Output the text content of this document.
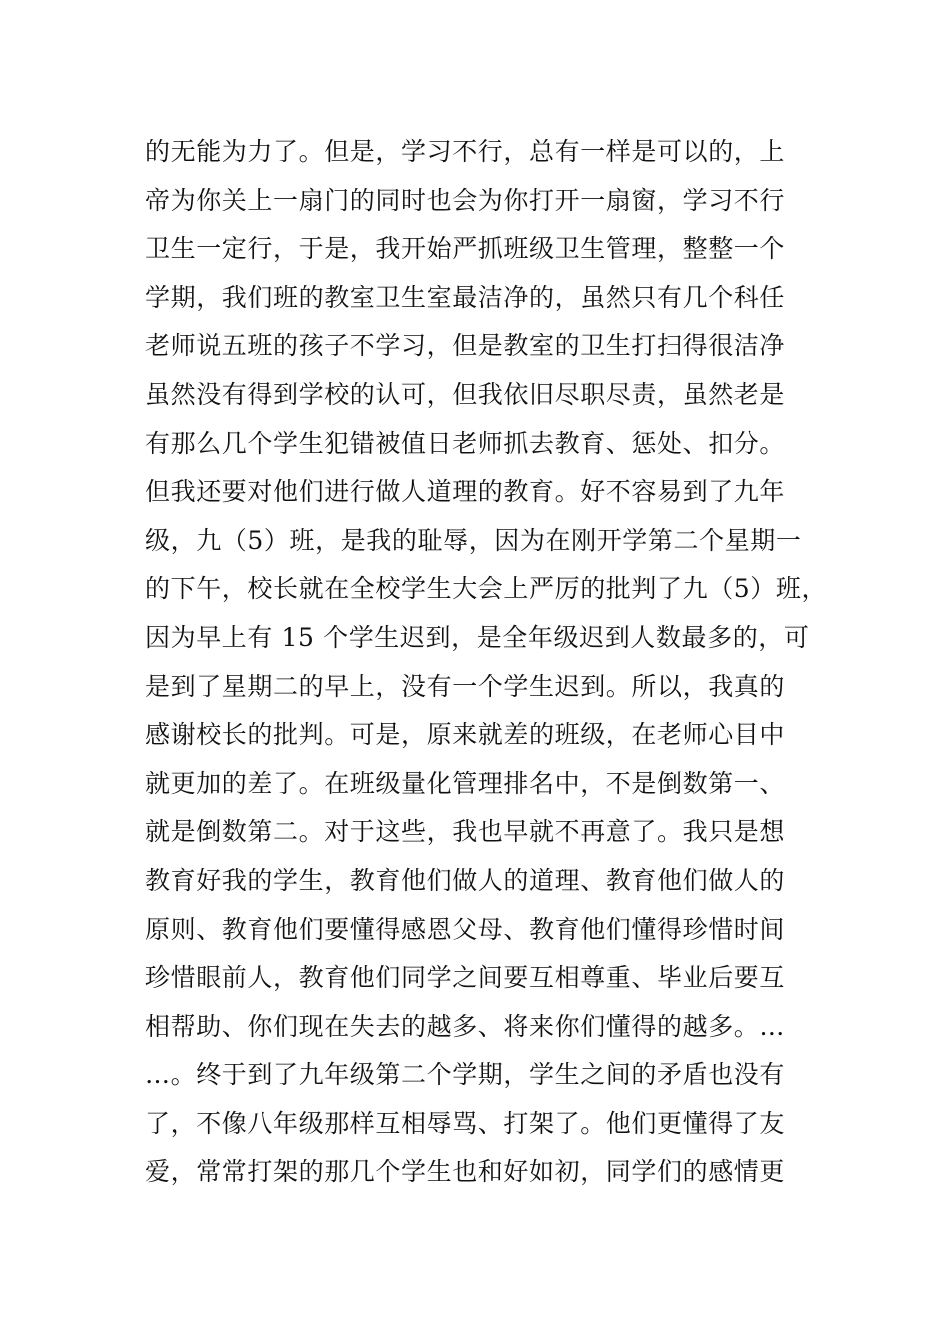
的无能为力了。但是，学习不行，总有一样是可以的，上
帝为你关上一扇门的同时也会为你打开一扇窗，学习不行
卫生一定行，于是，我开始严抓班级卫生管理，整整一个
学期，我们班的教室卫生室最洁净的，虽然只有几个科任
老师说五班的孩子不学习，但是教室的卫生打扫得很洁净
虽然没有得到学校的认可，但我依旧尽职尽责，虽然老是
有那么几个学生犯错被值日老师抓去教育、惩处、扣分。
但我还要对他们进行做人道理的教育。好不容易到了九年
级，九（5）班，是我的耻辱，因为在刚开学第二个星期一
的下午，校长就在全校学生大会上严厉的批判了九（5）班，
因为早上有 15 个学生迟到，是全年级迟到人数最多的，可
是到了星期二的早上，没有一个学生迟到。所以，我真的
感谢校长的批判。可是，原来就差的班级，在老师心目中
就更加的差了。在班级量化管理排名中，不是倒数第一、
就是倒数第二。对于这些，我也早就不再意了。我只是想
教育好我的学生，教育他们做人的道理、教育他们做人的
原则、教育他们要懂得感恩父母、教育他们懂得珍惜时间
珍惜眼前人，教育他们同学之间要互相尊重、毕业后要互
相帮助、你们现在失去的越多、将来你们懂得的越多。…
…。终于到了九年级第二个学期，学生之间的矛盾也没有
了，不像八年级那样互相辱骂、打架了。他们更懂得了友
爱，常常打架的那几个学生也和好如初，同学们的感情更
